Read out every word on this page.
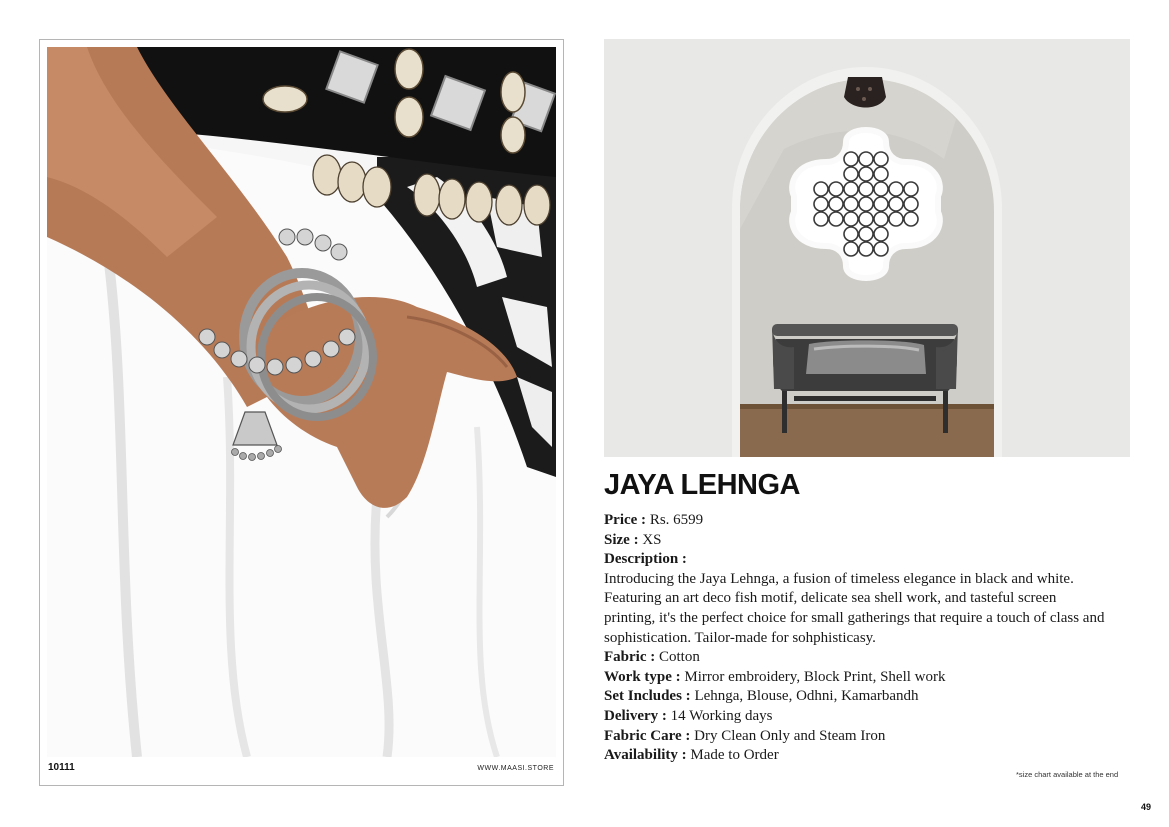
10111	WWW.MAASI.STORE
JAYA LEHNGA
Price : Rs. 6599
Size : XS
Description :
Introducing the Jaya Lehnga, a fusion of timeless elegance in black and white. Featuring an art deco fish motif, delicate sea shell work, and tasteful screen printing, it's the perfect choice for small gatherings that require a touch of class and sophistication. Tailor-made for sohphisticasy.
Fabric : Cotton
Work type : Mirror embroidery, Block Print, Shell work
Set Includes : Lehnga, Blouse, Odhni, Kamarbandh
Delivery : 14 Working days
Fabric Care : Dry Clean Only and Steam Iron
Availability : Made to Order
*size chart available at the end
49
